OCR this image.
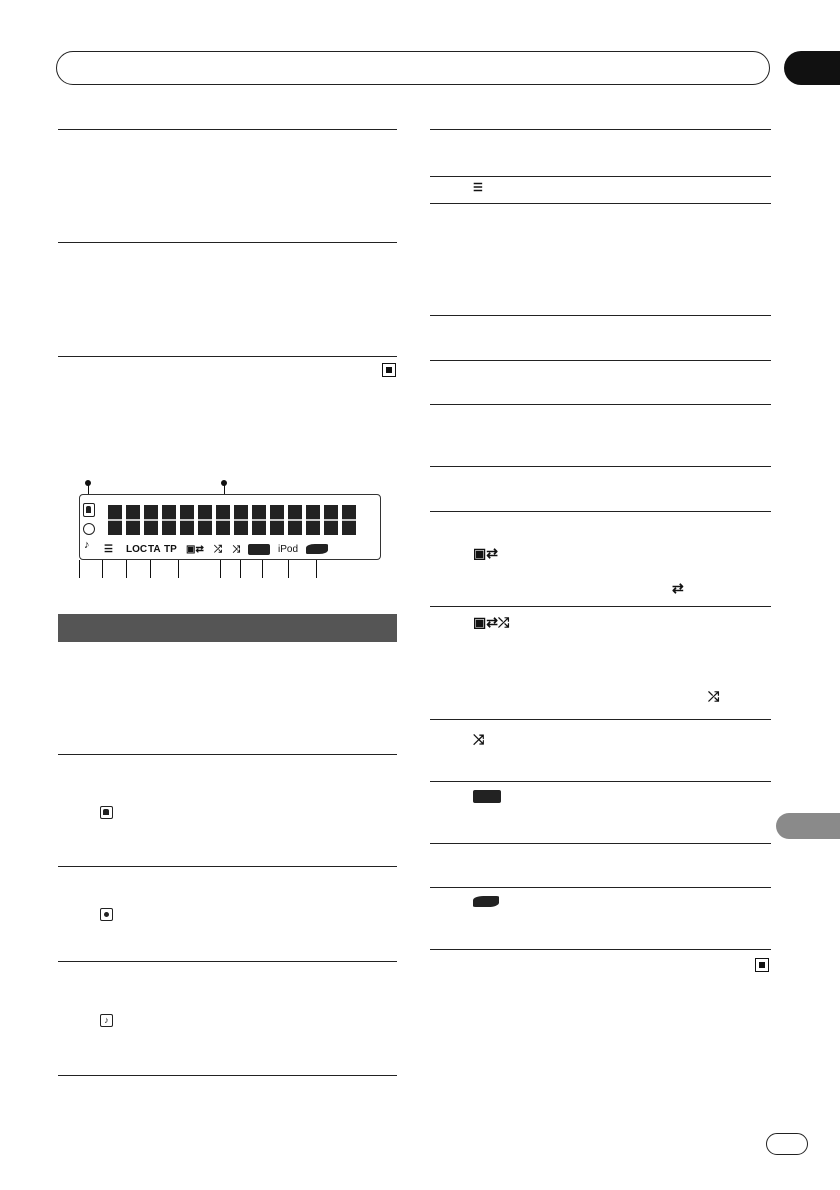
♪ ☰ LOC TA TP ▣⇄ ⤮ ⤨	iPod
♪
☰
▣⇄
⇄
▣⇄⤮
⤮
⤨
